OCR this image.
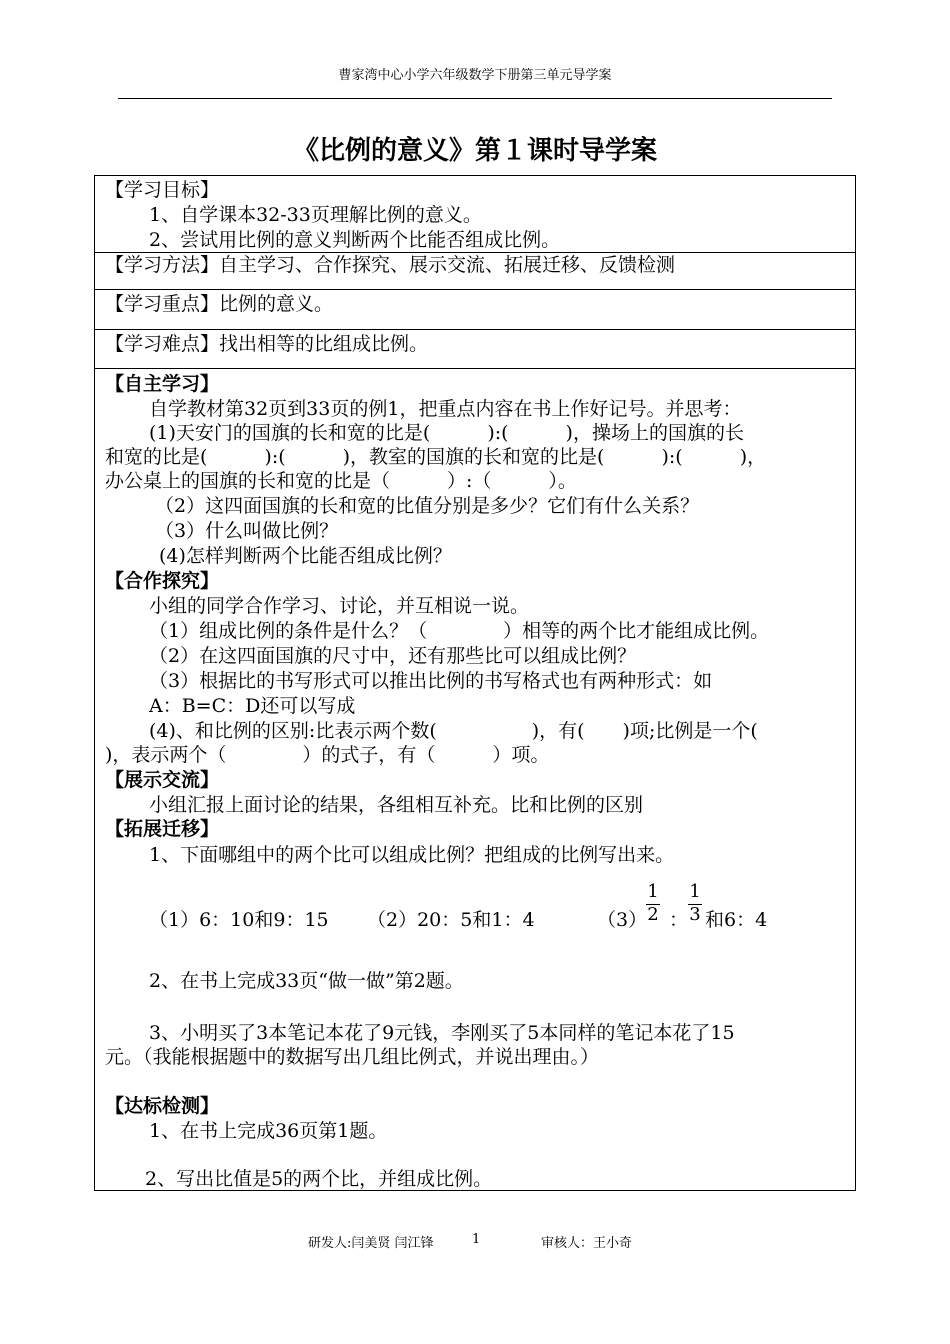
曹家湾中心小学六年级数学下册第三单元导学案
《比例的意义》第１课时导学案
【学习目标】
1、自学课本32-33页理解比例的意义。
2、尝试用比例的意义判断两个比能否组成比例。
【学习方法】自主学习、合作探究、展示交流、拓展迁移、反馈检测
【学习重点】比例的意义。
【学习难点】找出相等的比组成比例。
【自主学习】
自学教材第32页到33页的例1，把重点内容在书上作好记号。并思考：
(1)天安门的国旗的长和宽的比是(　　　):(　　　)，操场上的国旗的长
和宽的比是(　　　):(　　　)，教室的国旗的长和宽的比是(　　　):(　　　)，
办公桌上的国旗的长和宽的比是（　　　）:（　　　）。
（2）这四面国旗的长和宽的比值分别是多少？它们有什么关系？
（3）什么叫做比例？
(4)怎样判断两个比能否组成比例？
【合作探究】
小组的同学合作学习、讨论，并互相说一说。
（1）组成比例的条件是什么？（　　　　）相等的两个比才能组成比例。
（2）在这四面国旗的尺寸中，还有那些比可以组成比例？
（3）根据比的书写形式可以推出比例的书写格式也有两种形式：如
A：B=C：D还可以写成
(4)、和比例的区别:比表示两个数(　　　　　)，有(　　)项;比例是一个(
)，表示两个（　　　　）的式子，有（　　　）项。
【展示交流】
小组汇报上面讨论的结果，各组相互补充。比和比例的区别
【拓展迁移】
1、下面哪组中的两个比可以组成比例？把组成的比例写出来。
（1）6：10和9：15 （2）20：5和1：4	（3）
1
2 ：
1
3 和6：4
2、在书上完成33页“做一做”第2题。
3、小明买了3本笔记本花了9元钱，李刚买了5本同样的笔记本花了15
元。（我能根据题中的数据写出几组比例式，并说出理由。）
【达标检测】
1、在书上完成36页第1题。
2、写出比值是5的两个比，并组成比例。
研发人:闫美贤 闫江锋	1	审核人：王小奇
